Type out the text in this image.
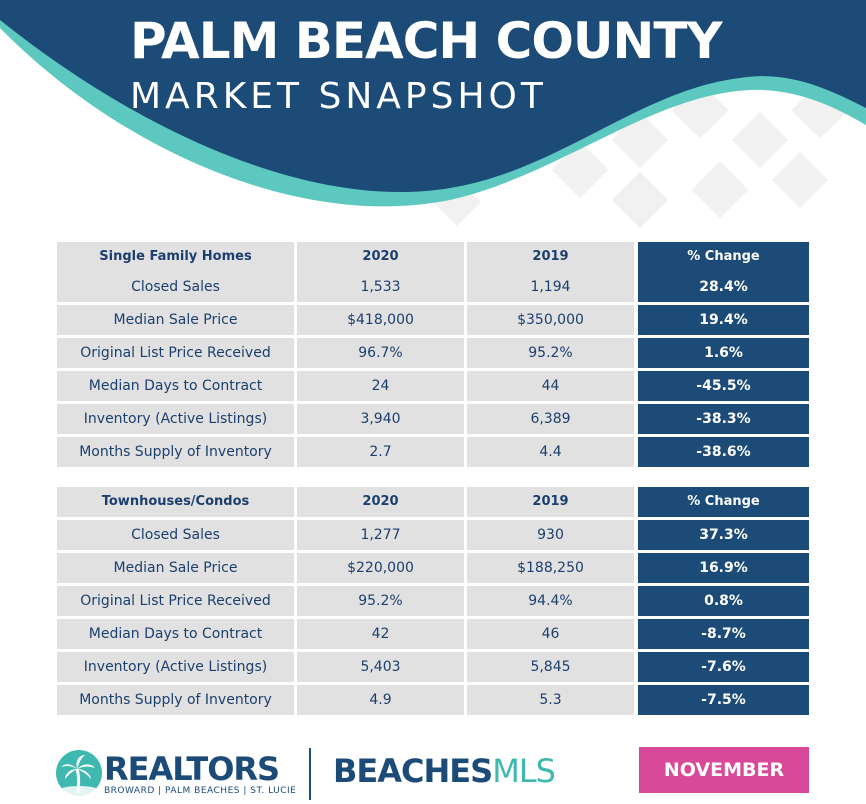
PALM BEACH COUNTY
MARKET SNAPSHOT
Single Family Homes	2020	2019	% Change
Closed Sales	1,533	1,194	28.4%
Median Sale Price	$418,000	$350,000	19.4%
Original List Price Received	96.7%	95.2%	1.6%
Median Days to Contract	24	44	-45.5%
Inventory (Active Listings)	3,940	6,389	-38.3%
Months Supply of Inventory	2.7	4.4	-38.6%
Townhouses/Condos	2020	2019	% Change
Closed Sales	1,277	930	37.3%
Median Sale Price	$220,000	$188,250	16.9%
Original List Price Received	95.2%	94.4%	0.8%
Median Days to Contract	42	46	-8.7%
Inventory (Active Listings)	5,403	5,845	-7.6%
Months Supply of Inventory	4.9	5.3	-7.5%
REALTORS
BROWARD | PALM BEACHES | ST. LUCIE
BEACHESMLS	NOVEMBER
